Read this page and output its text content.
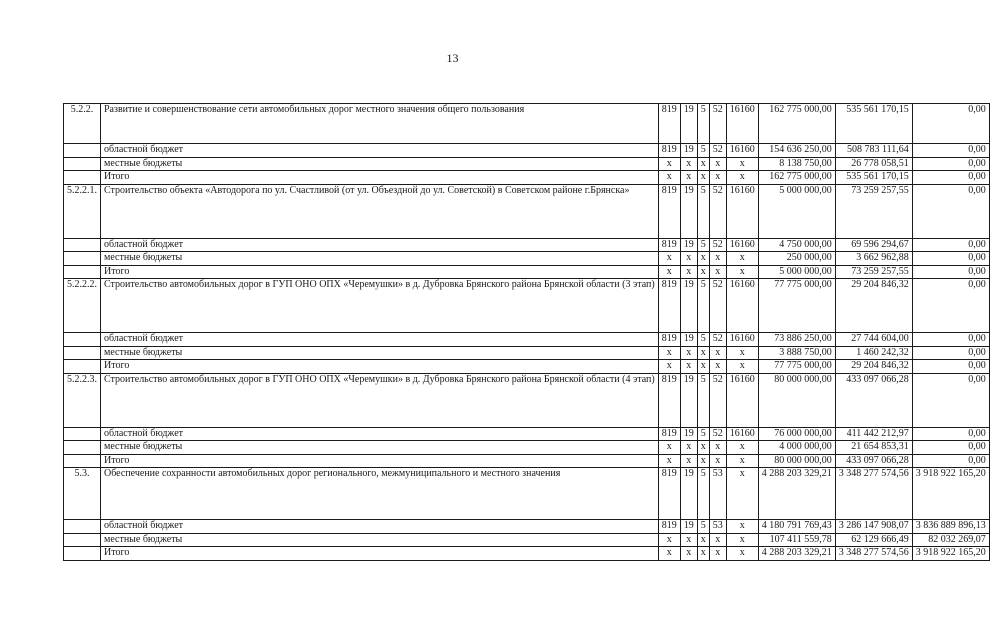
13
5.2.2.	Развитие и совершенствование сети автомобильных дорог местного значения общего пользования	819	19	5	52	16160	162 775 000,00	535 561 170,15	0,00
	областной бюджет	819	19	5	52	16160	154 636 250,00	508 783 111,64	0,00
	местные бюджеты	x	x	x	x	x	8 138 750,00	26 778 058,51	0,00
	Итого	x	x	x	x	x	162 775 000,00	535 561 170,15	0,00
5.2.2.1.	Строительство объекта «Автодорога по ул. Счастливой (от ул. Объездной до ул. Советской) в Советском районе г.Брянска»	819	19	5	52	16160	5 000 000,00	73 259 257,55	0,00
	областной бюджет	819	19	5	52	16160	4 750 000,00	69 596 294,67	0,00
	местные бюджеты	x	x	x	x	x	250 000,00	3 662 962,88	0,00
	Итого	x	x	x	x	x	5 000 000,00	73 259 257,55	0,00
5.2.2.2.	Строительство автомобильных дорог в ГУП ОНО ОПХ «Черемушки» в д. Дубровка Брянского района Брянской области (3 этап)	819	19	5	52	16160	77 775 000,00	29 204 846,32	0,00
	областной бюджет	819	19	5	52	16160	73 886 250,00	27 744 604,00	0,00
	местные бюджеты	x	x	x	x	x	3 888 750,00	1 460 242,32	0,00
	Итого	x	x	x	x	x	77 775 000,00	29 204 846,32	0,00
5.2.2.3.	Строительство автомобильных дорог в ГУП ОНО ОПХ «Черемушки» в д. Дубровка Брянского района Брянской области (4 этап)	819	19	5	52	16160	80 000 000,00	433 097 066,28	0,00
	областной бюджет	819	19	5	52	16160	76 000 000,00	411 442 212,97	0,00
	местные бюджеты	x	x	x	x	x	4 000 000,00	21 654 853,31	0,00
	Итого	x	x	x	x	x	80 000 000,00	433 097 066,28	0,00
5.3.	Обеспечение сохранности автомобильных дорог регионального, межмуниципального и местного значения	819	19	5	53	x	4 288 203 329,21	3 348 277 574,56	3 918 922 165,20
	областной бюджет	819	19	5	53	x	4 180 791 769,43	3 286 147 908,07	3 836 889 896,13
	местные бюджеты	x	x	x	x	x	107 411 559,78	62 129 666,49	82 032 269,07
	Итого	x	x	x	x	x	4 288 203 329,21	3 348 277 574,56	3 918 922 165,20
